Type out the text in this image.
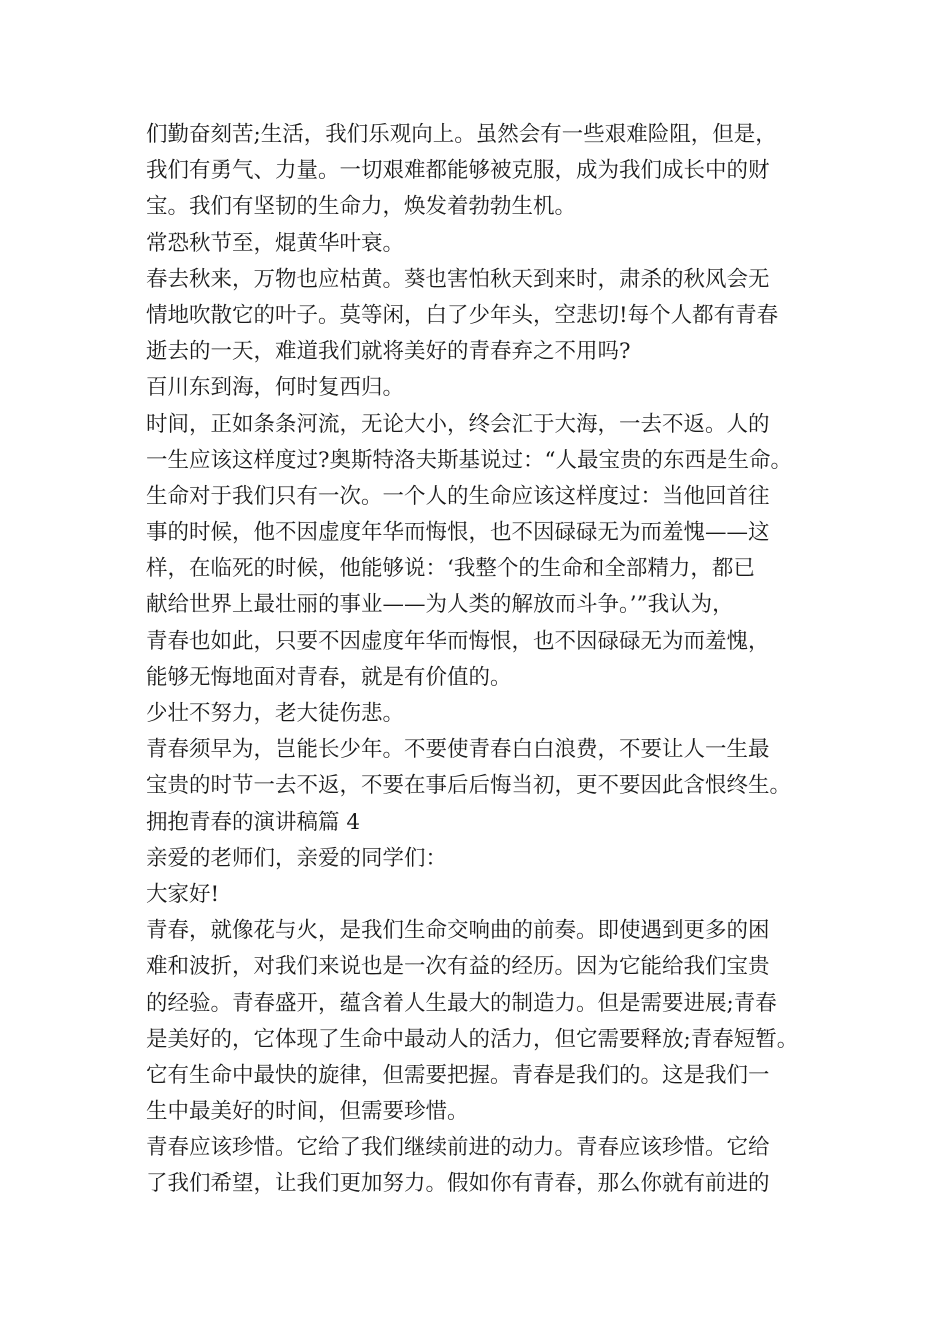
们勤奋刻苦;生活，我们乐观向上。虽然会有一些艰难险阻，但是，
我们有勇气、力量。一切艰难都能够被克服，成为我们成长中的财
宝。我们有坚韧的生命力，焕发着勃勃生机。
常恐秋节至，焜黄华叶衰。
春去秋来，万物也应枯黄。葵也害怕秋天到来时，肃杀的秋风会无
情地吹散它的叶子。莫等闲，白了少年头，空悲切!每个人都有青春
逝去的一天，难道我们就将美好的青春弃之不用吗?
百川东到海，何时复西归。
时间，正如条条河流，无论大小，终会汇于大海，一去不返。人的
一生应该这样度过?奥斯特洛夫斯基说过：“人最宝贵的东西是生命。
生命对于我们只有一次。一个人的生命应该这样度过：当他回首往
事的时候，他不因虚度年华而悔恨，也不因碌碌无为而羞愧——这
样，在临死的时候，他能够说：‘我整个的生命和全部精力，都已
献给世界上最壮丽的事业——为人类的解放而斗争。’”我认为，
青春也如此，只要不因虚度年华而悔恨，也不因碌碌无为而羞愧，
能够无悔地面对青春，就是有价值的。
少壮不努力，老大徒伤悲。
青春须早为，岂能长少年。不要使青春白白浪费，不要让人一生最
宝贵的时节一去不返，不要在事后后悔当初，更不要因此含恨终生。
拥抱青春的演讲稿篇 4
亲爱的老师们，亲爱的同学们：
大家好!
青春，就像花与火，是我们生命交响曲的前奏。即使遇到更多的困
难和波折，对我们来说也是一次有益的经历。因为它能给我们宝贵
的经验。青春盛开，蕴含着人生最大的制造力。但是需要进展;青春
是美好的，它体现了生命中最动人的活力，但它需要释放;青春短暂。
它有生命中最快的旋律，但需要把握。青春是我们的。这是我们一
生中最美好的时间，但需要珍惜。
青春应该珍惜。它给了我们继续前进的动力。青春应该珍惜。它给
了我们希望，让我们更加努力。假如你有青春，那么你就有前进的
